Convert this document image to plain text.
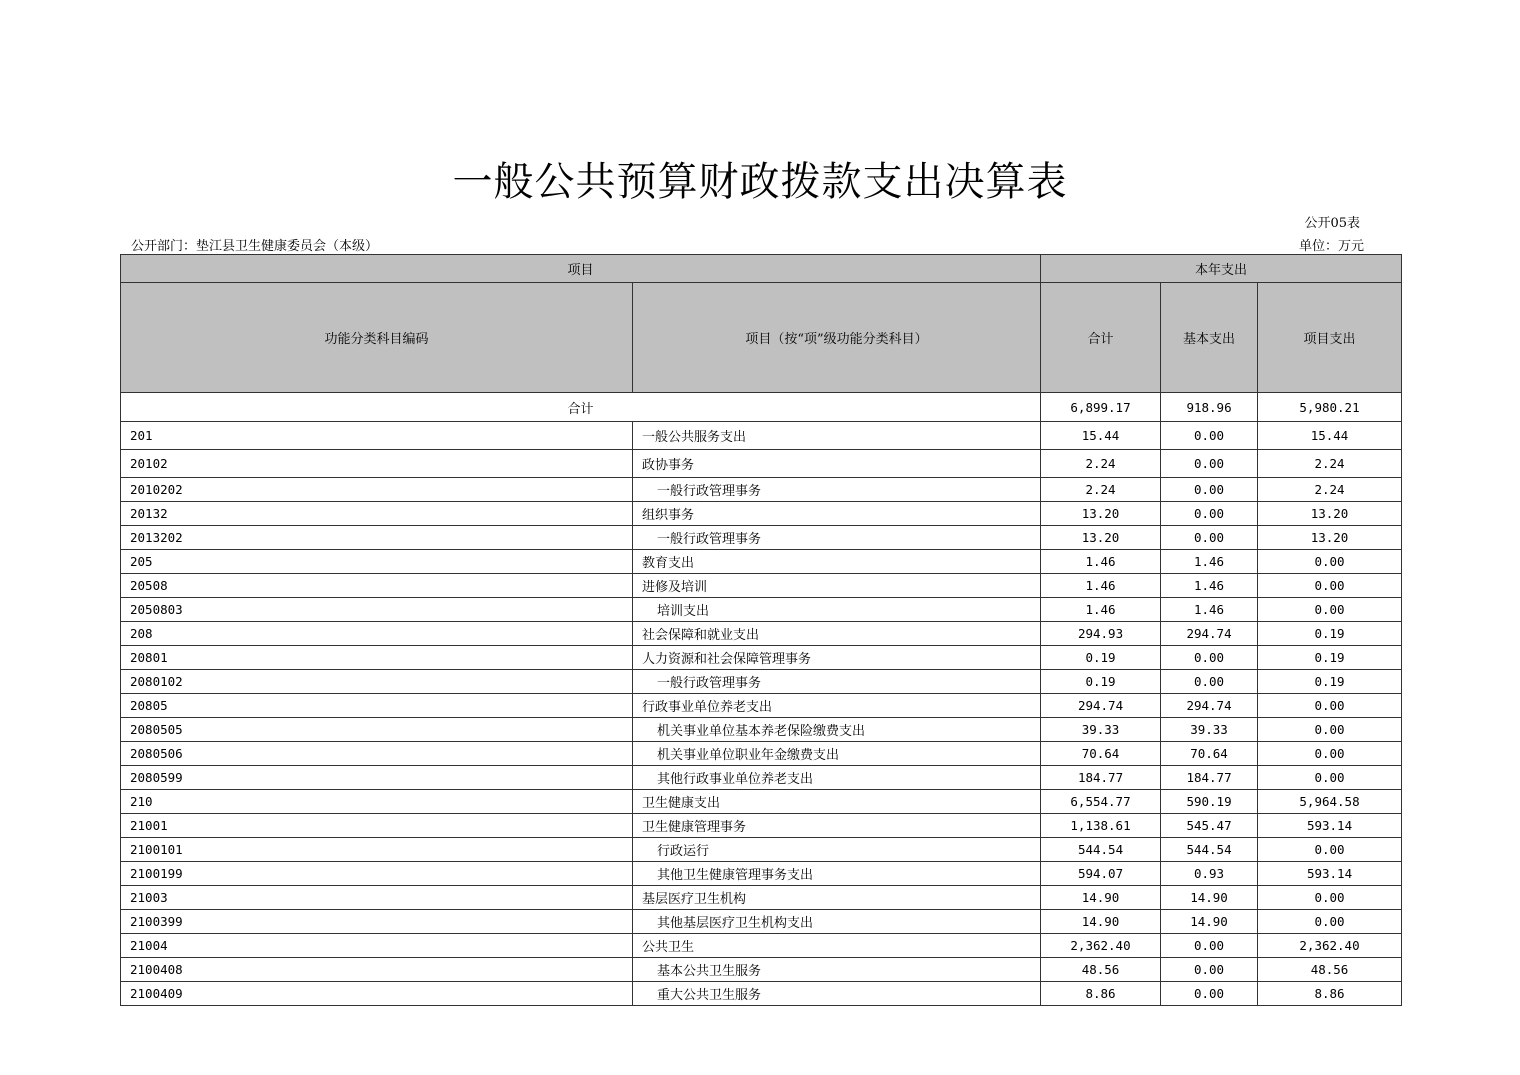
一般公共预算财政拨款支出决算表
公开05表
公开部门：垫江县卫生健康委员会（本级）	单位：万元
项目		本年支出		
功能分类科目编码	项目（按“项”级功能分类科目）	合计	基本支出	项目支出
合计		6,899.17	918.96	5,980.21
201	一般公共服务支出	15.44	0.00	15.44
20102	政协事务	2.24	0.00	2.24
2010202	一般行政管理事务	2.24	0.00	2.24
20132	组织事务	13.20	0.00	13.20
2013202	一般行政管理事务	13.20	0.00	13.20
205	教育支出	1.46	1.46	0.00
20508	进修及培训	1.46	1.46	0.00
2050803	培训支出	1.46	1.46	0.00
208	社会保障和就业支出	294.93	294.74	0.19
20801	人力资源和社会保障管理事务	0.19	0.00	0.19
2080102	一般行政管理事务	0.19	0.00	0.19
20805	行政事业单位养老支出	294.74	294.74	0.00
2080505	机关事业单位基本养老保险缴费支出	39.33	39.33	0.00
2080506	机关事业单位职业年金缴费支出	70.64	70.64	0.00
2080599	其他行政事业单位养老支出	184.77	184.77	0.00
210	卫生健康支出	6,554.77	590.19	5,964.58
21001	卫生健康管理事务	1,138.61	545.47	593.14
2100101	行政运行	544.54	544.54	0.00
2100199	其他卫生健康管理事务支出	594.07	0.93	593.14
21003	基层医疗卫生机构	14.90	14.90	0.00
2100399	其他基层医疗卫生机构支出	14.90	14.90	0.00
21004	公共卫生	2,362.40	0.00	2,362.40
2100408	基本公共卫生服务	48.56	0.00	48.56
2100409	重大公共卫生服务	8.86	0.00	8.86
